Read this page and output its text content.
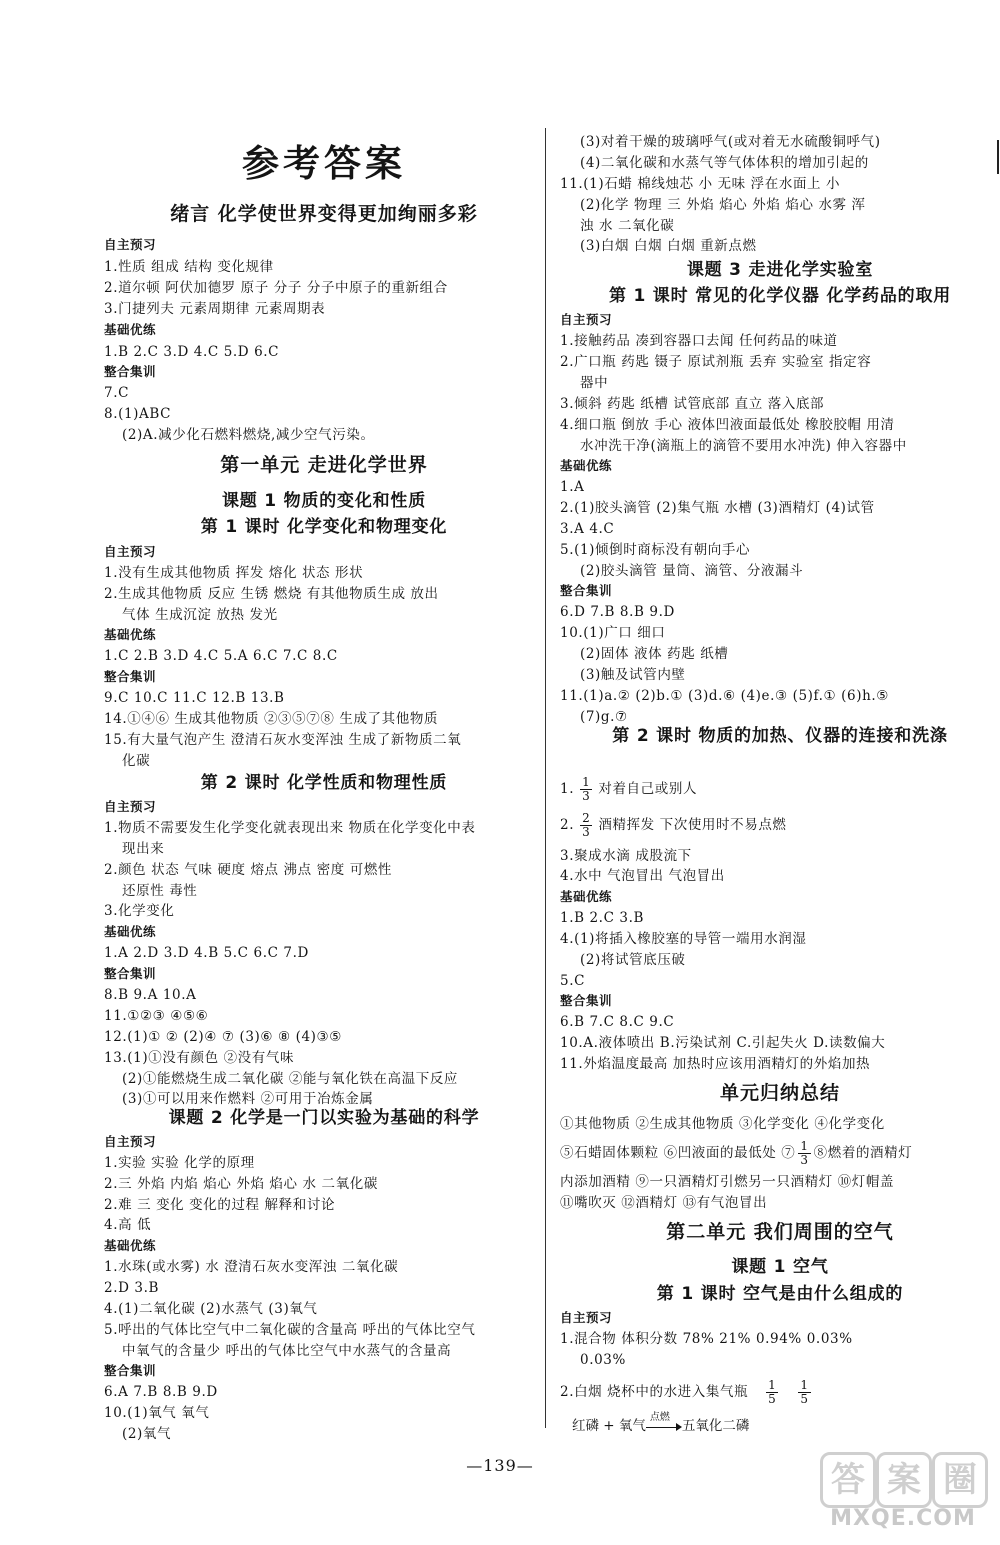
参考答案
绪言 化学使世界变得更加绚丽多彩
自主预习
1.性质 组成 结构 变化规律
2.道尔顿 阿伏加德罗 原子 分子 分子中原子的重新组合
3.门捷列夫 元素周期律 元素周期表
基础优练
1.B 2.C 3.D 4.C 5.D 6.C
整合集训
7.C
8.(1)ABC
(2)A.减少化石燃料燃烧,减少空气污染。
第一单元 走进化学世界
课题 1 物质的变化和性质
第 1 课时 化学变化和物理变化
自主预习
1.没有生成其他物质 挥发 熔化 状态 形状
2.生成其他物质 反应 生锈 燃烧 有其他物质生成 放出
气体 生成沉淀 放热 发光
基础优练
1.C 2.B 3.D 4.C 5.A 6.C 7.C 8.C
整合集训
9.C 10.C 11.C 12.B 13.B
14.①④⑥ 生成其他物质 ②③⑤⑦⑧ 生成了其他物质
15.有大量气泡产生 澄清石灰水变浑浊 生成了新物质二氧
化碳
第 2 课时 化学性质和物理性质
自主预习
1.物质不需要发生化学变化就表现出来 物质在化学变化中表
现出来
2.颜色 状态 气味 硬度 熔点 沸点 密度 可燃性
还原性 毒性
3.化学变化
基础优练
1.A 2.D 3.D 4.B 5.C 6.C 7.D
整合集训
8.B 9.A 10.A
11.①②③ ④⑤⑥
12.(1)① ② (2)④ ⑦ (3)⑥ ⑧ (4)③⑤
13.(1)①没有颜色 ②没有气味
(2)①能燃烧生成二氧化碳 ②能与氧化铁在高温下反应
(3)①可以用来作燃料 ②可用于冶炼金属
课题 2 化学是一门以实验为基础的科学
自主预习
1.实验 实验 化学的原理
2.三 外焰 内焰 焰心 外焰 焰心 水 二氧化碳
2.难 三 变化 变化的过程 解释和讨论
4.高 低
基础优练
1.水珠(或水雾) 水 澄清石灰水变浑浊 二氧化碳
2.D 3.B
4.(1)二氧化碳 (2)水蒸气 (3)氧气
5.呼出的气体比空气中二氧化碳的含量高 呼出的气体比空气
中氧气的含量少 呼出的气体比空气中水蒸气的含量高
整合集训
6.A 7.B 8.B 9.D
10.(1)氧气 氧气
(2)氧气
(3)对着干燥的玻璃呼气(或对着无水硫酸铜呼气)
(4)二氧化碳和水蒸气等气体体积的增加引起的
11.(1)石蜡 棉线烛芯 小 无味 浮在水面上 小
(2)化学 物理 三 外焰 焰心 外焰 焰心 水雾 浑
浊 水 二氧化碳
(3)白烟 白烟 白烟 重新点燃
课题 3 走进化学实验室
第 1 课时 常见的化学仪器 化学药品的取用
自主预习
1.接触药品 凑到容器口去闻 任何药品的味道
2.广口瓶 药匙 镊子 原试剂瓶 丢弃 实验室 指定容
器中
3.倾斜 药匙 纸槽 试管底部 直立 落入底部
4.细口瓶 倒放 手心 液体凹液面最低处 橡胶胶帽 用清
水冲洗干净(滴瓶上的滴管不要用水冲洗) 伸入容器中
基础优练
1.A
2.(1)胶头滴管 (2)集气瓶 水槽 (3)酒精灯 (4)试管
3.A 4.C
5.(1)倾倒时商标没有朝向手心
(2)胶头滴管 量筒、滴管、分液漏斗
整合集训
6.D 7.B 8.B 9.D
10.(1)广口 细口
(2)固体 液体 药匙 纸槽
(3)触及试管内壁
11.(1)a.② (2)b.① (3)d.⑥ (4)e.③ (5)f.① (6)h.⑤
(7)g.⑦
第 2 课时 物质的加热、仪器的连接和洗涤
1. $\frac{1}{3}$ 对着自己或别人
2. $\frac{2}{3}$ 酒精挥发 下次使用时不易点燃
3.聚成水滴 成股流下
4.水中 气泡冒出 气泡冒出
基础优练
1.B 2.C 3.B
4.(1)将插入橡胶塞的导管一端用水润湿
(2)将试管底压破
5.C
整合集训
6.B 7.C 8.C 9.C
10.A.液体喷出 B.污染试剂 C.引起失火 D.读数偏大
11.外焰温度最高 加热时应该用酒精灯的外焰加热
单元归纳总结
①其他物质 ②生成其他物质 ③化学变化 ④化学变化
⑤石蜡固体颗粒 ⑥凹液面的最低处 ⑦ $\frac{1}{3}$ ⑧燃着的酒精灯
内添加酒精 ⑨一只酒精灯引燃另一只酒精灯 ⑩灯帽盖
⑪嘴吹灭 ⑫酒精灯 ⑬有气泡冒出
第二单元 我们周围的空气
课题 1 空气
第 1 课时 空气是由什么组成的
自主预习
1.混合物 体积分数 78% 21% 0.94% 0.03%
0.03%
2.白烟 烧杯中的水进入集气瓶 $\frac{1}{5} \frac{1}{5}$
红磷 + 氧气
点燃
五氧化二磷
—139—	答 案 圈
MXQE.COM
